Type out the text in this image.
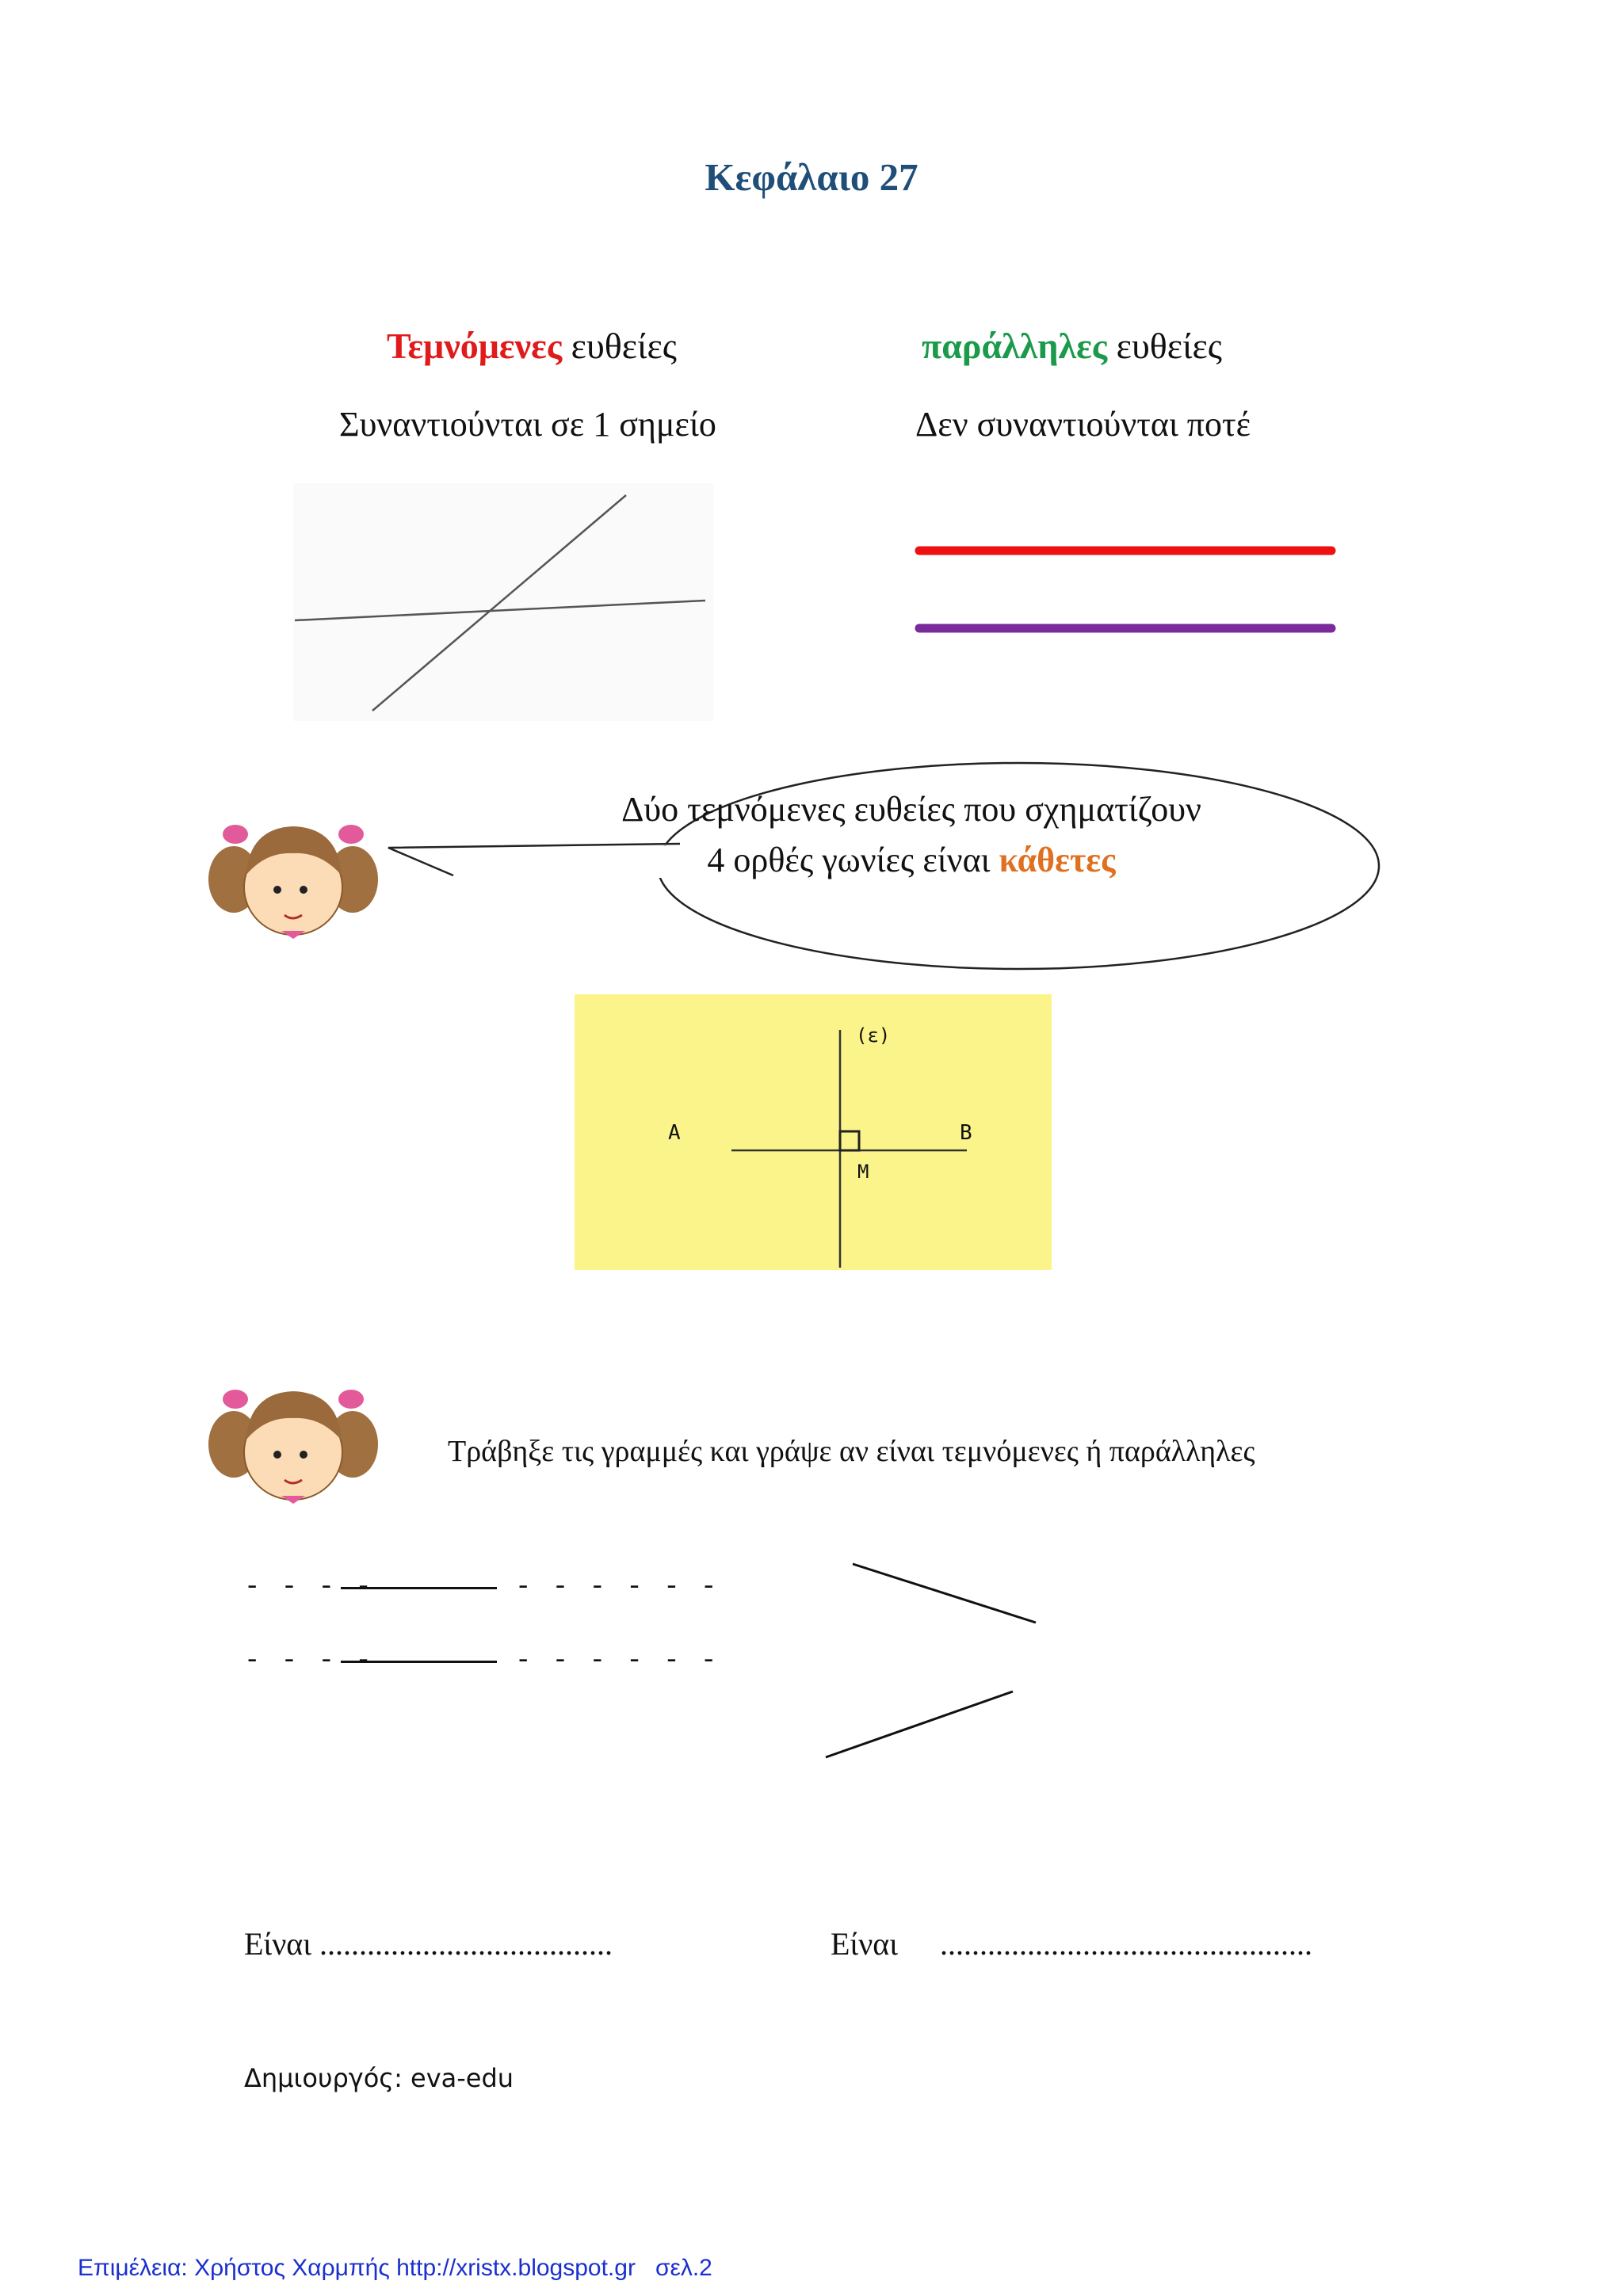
Κεφάλαιο 27
Τεμνόμενες ευθείες
Συναντιούνται σε 1 σημείο
παράλληλες ευθείες
Δεν συναντιούνται ποτέ
Δύο τεμνόμενες ευθείες που σχηματίζουν
4 ορθές γωνίες είναι κάθετες
(ε)
Α	Β
Μ
Τράβηξε τις γραμμές και γράψε αν είναι τεμνόμενες ή παράλληλες
- - - -	- - - - - -
- - - -	- - - - - -
Είναι .....................................	Είναι ...............................................
Δημιουργός: eva-edu
Επιμέλεια: Χρήστος Χαρμπής http://xristx.blogspot.gr   σελ.2
